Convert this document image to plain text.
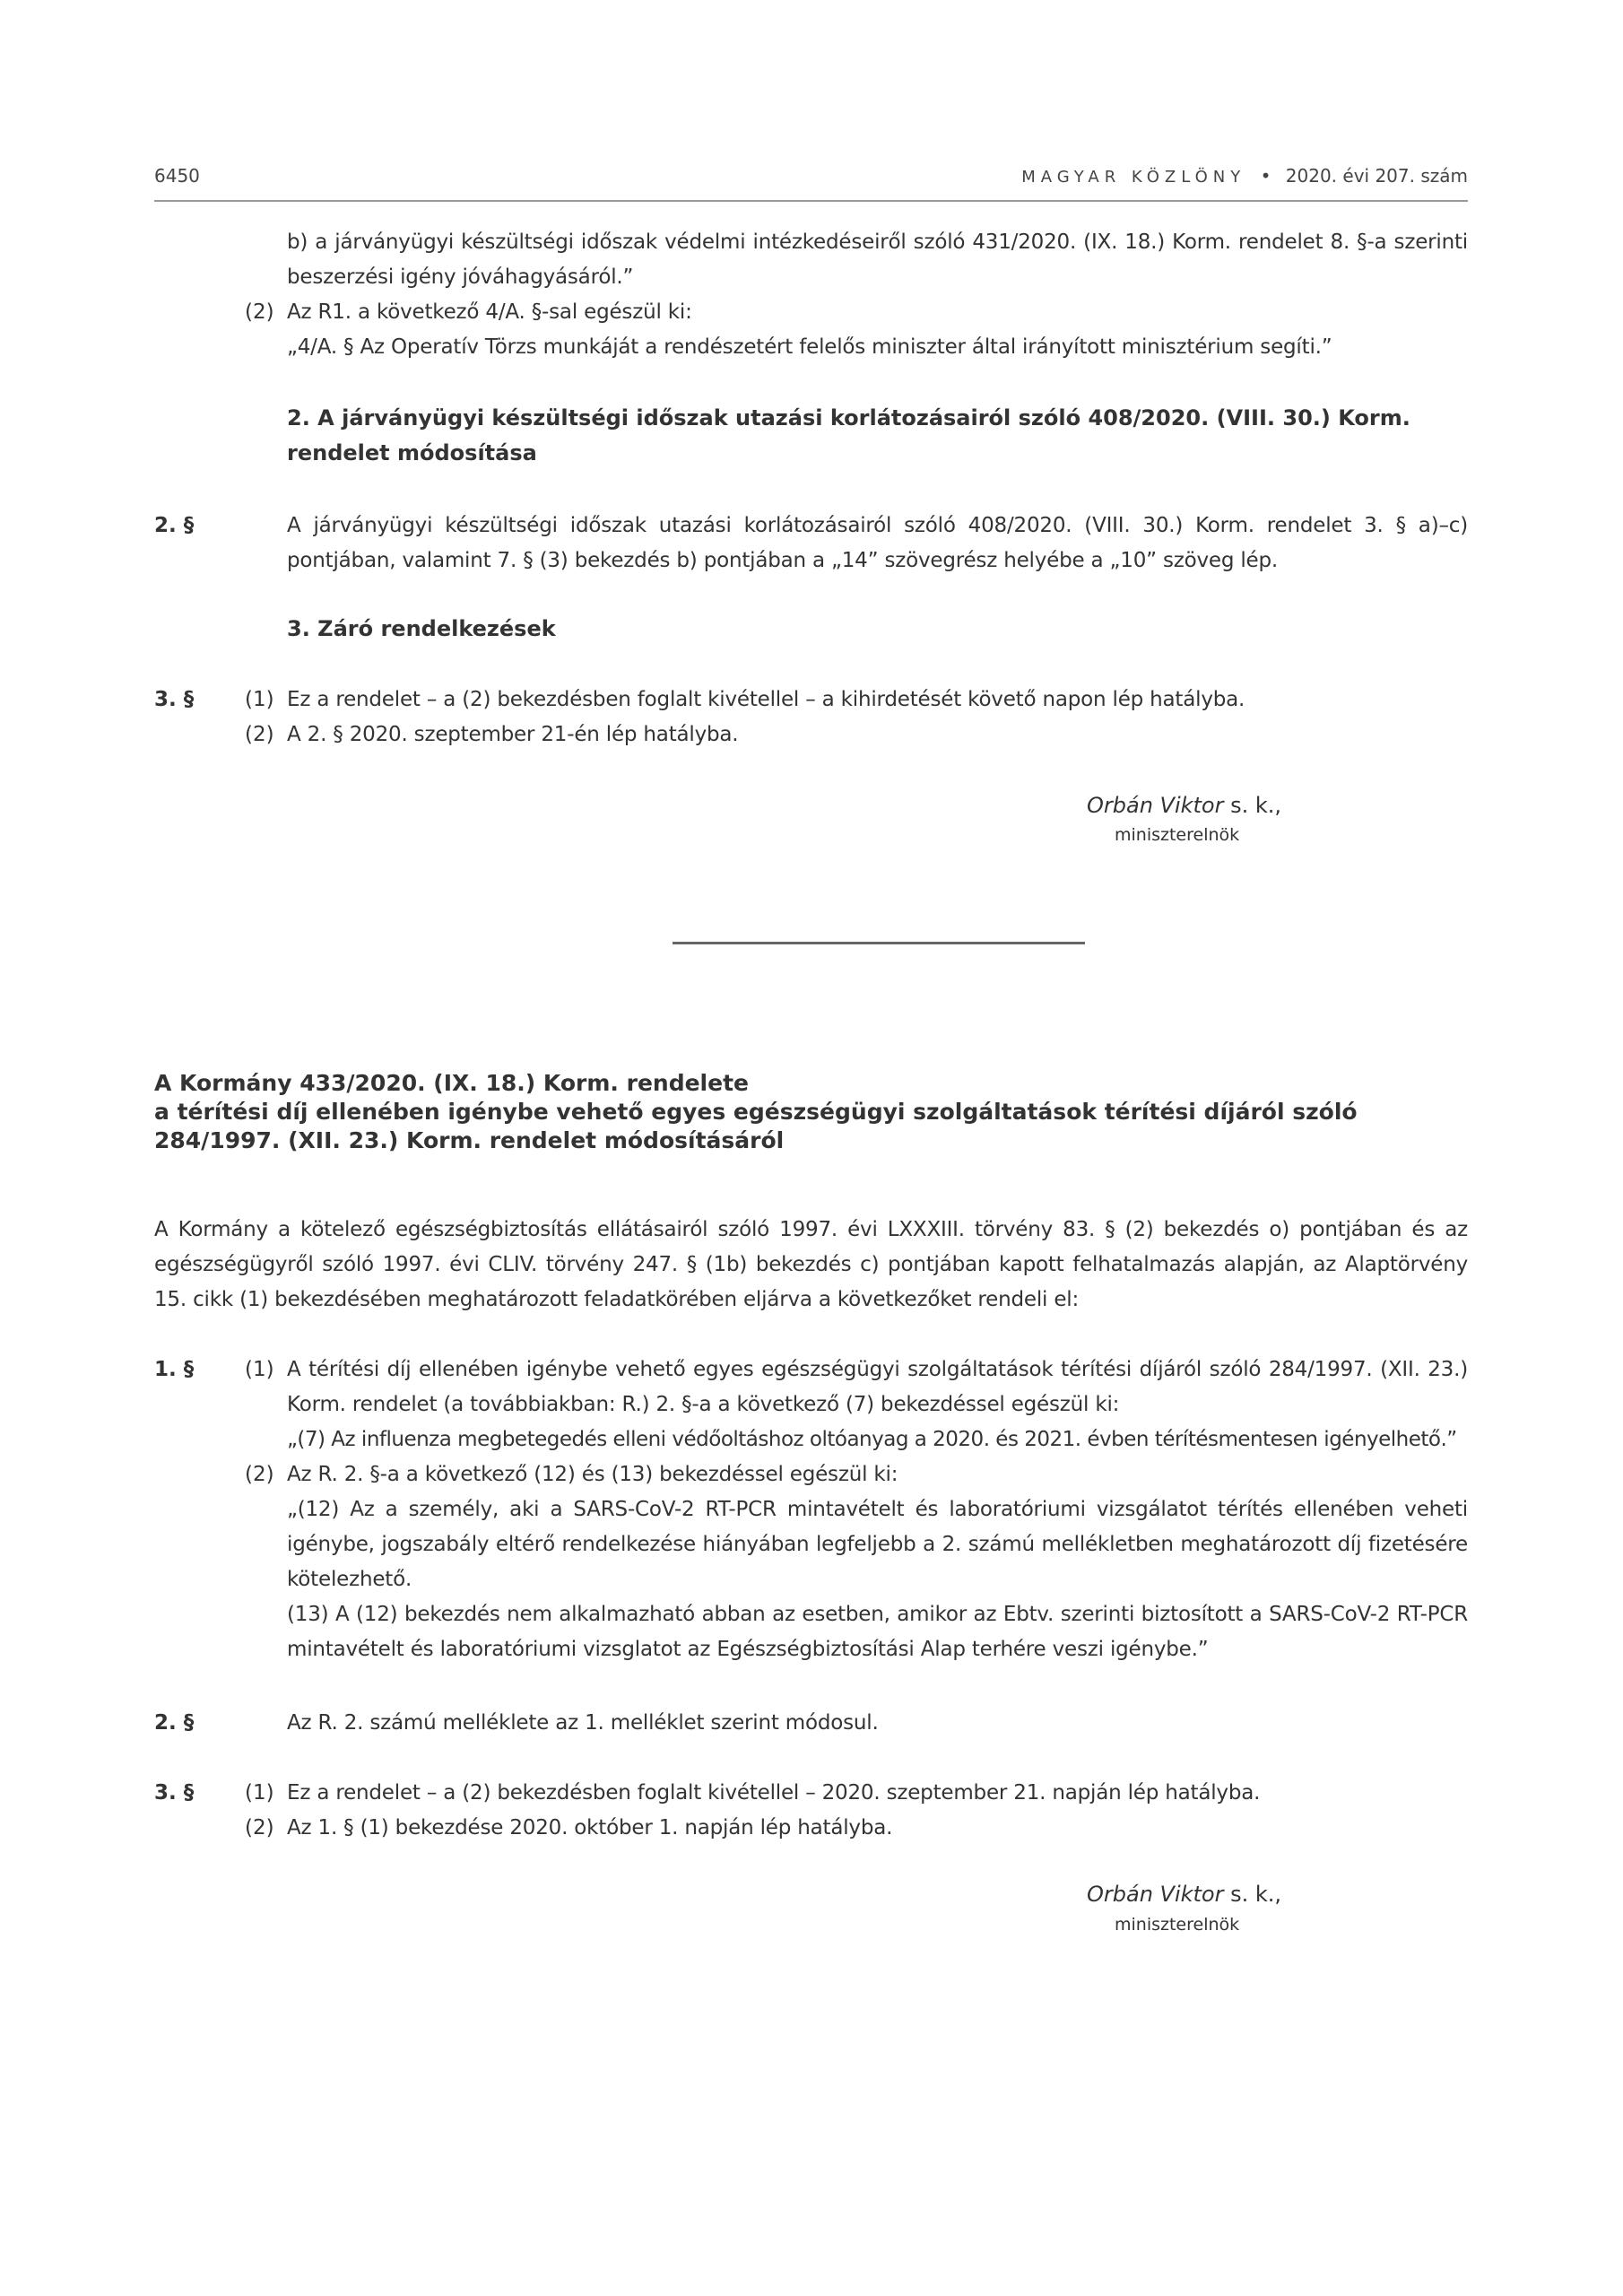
6450	MAGYAR KÖZLÖNY • 2020. évi 207. szám
b) a járványügyi készültségi időszak védelmi intézkedéseiről szóló 431/2020. (IX. 18.) Korm. rendelet 8. §-a szerinti beszerzési igény jóváhagyásáról.”
(2) Az R1. a következő 4/A. §-sal egészül ki:
„4/A. § Az Operatív Törzs munkáját a rendészetért felelős miniszter által irányított minisztérium segíti.”
2. A járványügyi készültségi időszak utazási korlátozásairól szóló 408/2020. (VIII. 30.) Korm. rendelet módosítása
2. §	A járványügyi készültségi időszak utazási korlátozásairól szóló 408/2020. (VIII. 30.) Korm. rendelet 3. § a)–c) pontjában, valamint 7. § (3) bekezdés b) pontjában a „14” szövegrész helyébe a „10” szöveg lép.
3. Záró rendelkezések
3. § (1) Ez a rendelet – a (2) bekezdésben foglalt kivétellel – a kihirdetését követő napon lép hatályba.
(2) A 2. § 2020. szeptember 21-én lép hatályba.
Orbán Viktor s. k.,
miniszterelnök
A Kormány 433/2020. (IX. 18.) Korm. rendelete
a térítési díj ellenében igénybe vehető egyes egészségügyi szolgáltatások térítési díjáról szóló
284/1997. (XII. 23.) Korm. rendelet módosításáról
A Kormány a kötelező egészségbiztosítás ellátásairól szóló 1997. évi LXXXIII. törvény 83. § (2) bekezdés o) pontjában és az egészségügyről szóló 1997. évi CLIV. törvény 247. § (1b) bekezdés c) pontjában kapott felhatalmazás alapján, az Alaptörvény 15. cikk (1) bekezdésében meghatározott feladatkörében eljárva a következőket rendeli el:
1. § (1) A térítési díj ellenében igénybe vehető egyes egészségügyi szolgáltatások térítési díjáról szóló 284/1997. (XII. 23.) Korm. rendelet (a továbbiakban: R.) 2. §-a a következő (7) bekezdéssel egészül ki:
„(7) Az influenza megbetegedés elleni védőoltáshoz oltóanyag a 2020. és 2021. évben térítésmentesen igényelhető.”
(2) Az R. 2. §-a a következő (12) és (13) bekezdéssel egészül ki:
„(12) Az a személy, aki a SARS-CoV-2 RT-PCR mintavételt és laboratóriumi vizsgálatot térítés ellenében veheti igénybe, jogszabály eltérő rendelkezése hiányában legfeljebb a 2. számú mellékletben meghatározott díj fizetésére kötelezhető.
(13) A (12) bekezdés nem alkalmazható abban az esetben, amikor az Ebtv. szerinti biztosított a SARS-CoV-2 RT-PCR mintavételt és laboratóriumi vizsglatot az Egészségbiztosítási Alap terhére veszi igénybe.”
2. §	Az R. 2. számú melléklete az 1. melléklet szerint módosul.
3. § (1) Ez a rendelet – a (2) bekezdésben foglalt kivétellel – 2020. szeptember 21. napján lép hatályba.
(2) Az 1. § (1) bekezdése 2020. október 1. napján lép hatályba.
Orbán Viktor s. k.,
miniszterelnök
